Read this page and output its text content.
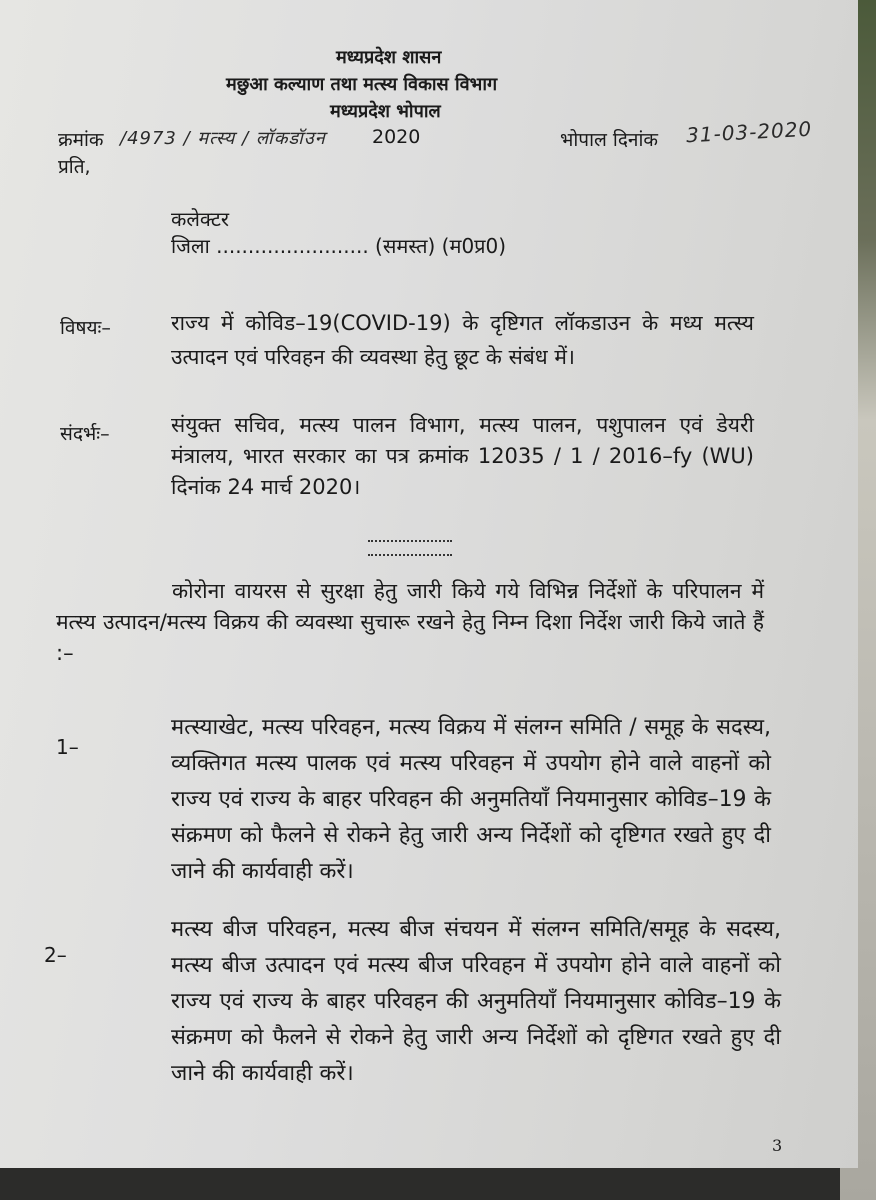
मध्यप्रदेश शासन
मछुआ कल्याण तथा मत्स्य विकास विभाग
मध्यप्रदेश भोपाल
क्रमांक /4973 / मत्स्य / लॉकडॉउन 2020	भोपाल दिनांक 31-03-2020
प्रति,
कलेक्टर
जिला ........................ (समस्त) (म0प्र0)
विषयः–	राज्य में कोविड–19(COVID-19) के दृष्टिगत लॉकडाउन के मध्य मत्स्य उत्पादन एवं परिवहन की व्यवस्था हेतु छूट के संबंध में।
संदर्भः–	संयुक्त सचिव, मत्स्य पालन विभाग, मत्स्य पालन, पशुपालन एवं डेयरी मंत्रालय, भारत सरकार का पत्र क्रमांक 12035 / 1 / 2016–fy (WU) दिनांक 24 मार्च 2020।
कोरोना वायरस से सुरक्षा हेतु जारी किये गये विभिन्न निर्देशों के परिपालन में मत्स्य उत्पादन/मत्स्य विक्रय की व्यवस्था सुचारू रखने हेतु निम्न दिशा निर्देश जारी किये जाते हैं :–
1–
मत्स्याखेट, मत्स्य परिवहन, मत्स्य विक्रय में संलग्न समिति / समूह के सदस्य, व्यक्तिगत मत्स्य पालक एवं मत्स्य परिवहन में उपयोग होने वाले वाहनों को राज्य एवं राज्य के बाहर परिवहन की अनुमतियाँ नियमानुसार कोविड–19 के संक्रमण को फैलने से रोकने हेतु जारी अन्य निर्देशों को दृष्टिगत रखते हुए दी जाने की कार्यवाही करें।
2–
मत्स्य बीज परिवहन, मत्स्य बीज संचयन में संलग्न समिति/समूह के सदस्य, मत्स्य बीज उत्पादन एवं मत्स्य बीज परिवहन में उपयोग होने वाले वाहनों को राज्य एवं राज्य के बाहर परिवहन की अनुमतियाँ नियमानुसार कोविड–19 के संक्रमण को फैलने से रोकने हेतु जारी अन्य निर्देशों को दृष्टिगत रखते हुए दी जाने की कार्यवाही करें।
3
